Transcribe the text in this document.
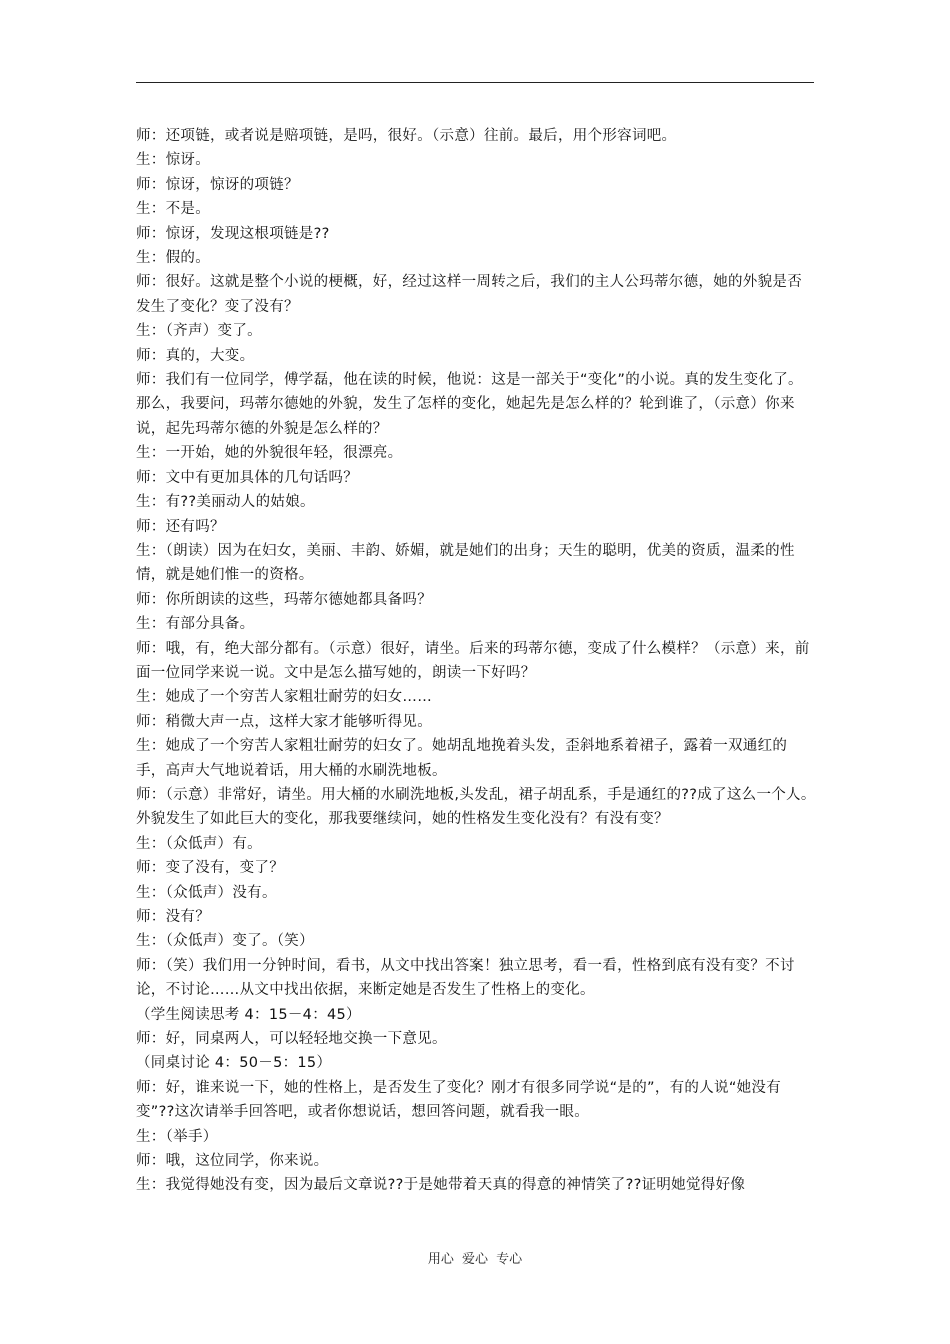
师：还项链，或者说是赔项链，是吗，很好。（示意）往前。最后，用个形容词吧。

生：惊讶。

师：惊讶，惊讶的项链？

生：不是。

师：惊讶，发现这根项链是??

生：假的。

师：很好。这就是整个小说的梗概，好，经过这样一周转之后，我们的主人公玛蒂尔德，她的外貌是否发生了变化？变了没有？

生：（齐声）变了。

师：真的，大变。

师：我们有一位同学，傅学磊，他在读的时候，他说：这是一部关于“变化”的小说。真的发生变化了。那么，我要问，玛蒂尔德她的外貌，发生了怎样的变化，她起先是怎么样的？轮到谁了，（示意）你来说，起先玛蒂尔德的外貌是怎么样的？

生：一开始，她的外貌很年轻，很漂亮。

师：文中有更加具体的几句话吗？

生：有??美丽动人的姑娘。

师：还有吗？

生：（朗读）因为在妇女，美丽、丰韵、娇媚，就是她们的出身；天生的聪明，优美的资质，温柔的性情，就是她们惟一的资格。

师：你所朗读的这些，玛蒂尔德她都具备吗？

生：有部分具备。

师：哦，有，绝大部分都有。（示意）很好，请坐。后来的玛蒂尔德，变成了什么模样？（示意）来，前面一位同学来说一说。文中是怎么描写她的，朗读一下好吗？

生：她成了一个穷苦人家粗壮耐劳的妇女……

师：稍微大声一点，这样大家才能够听得见。

生：她成了一个穷苦人家粗壮耐劳的妇女了。她胡乱地挽着头发，歪斜地系着裙子，露着一双通红的手，高声大气地说着话，用大桶的水刷洗地板。

师：（示意）非常好，请坐。用大桶的水刷洗地板,头发乱，裙子胡乱系，手是通红的??成了这么一个人。外貌发生了如此巨大的变化，那我要继续问，她的性格发生变化没有？有没有变？

生：（众低声）有。

师：变了没有，变了？

生：（众低声）没有。

师：没有？

生：（众低声）变了。（笑）

师：（笑）我们用一分钟时间，看书，从文中找出答案！独立思考，看一看，性格到底有没有变？不讨论，不讨论……从文中找出依据，来断定她是否发生了性格上的变化。

（学生阅读思考 4：15－4：45）

师：好，同桌两人，可以轻轻地交换一下意见。

（同桌讨论 4：50－5：15）

师：好，谁来说一下，她的性格上，是否发生了变化？刚才有很多同学说“是的”，有的人说“她没有变”??这次请举手回答吧，或者你想说话，想回答问题，就看我一眼。

生：（举手）

师：哦，这位同学，你来说。

生：我觉得她没有变，因为最后文章说??于是她带着天真的得意的神情笑了??证明她觉得好像

用心 爱心 专心
